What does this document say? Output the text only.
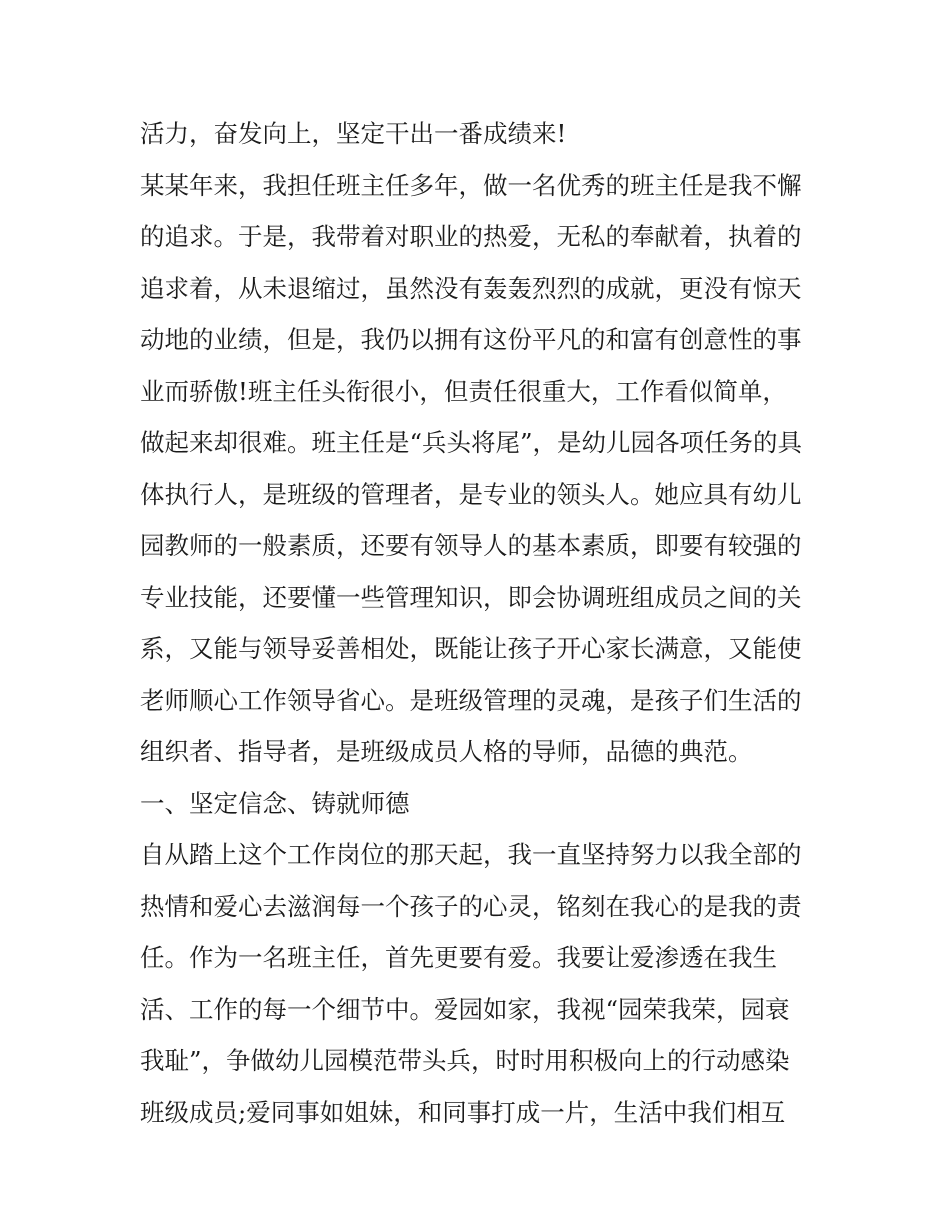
活力，奋发向上，坚定干出一番成绩来!
某某年来，我担任班主任多年，做一名优秀的班主任是我不懈
的追求。于是，我带着对职业的热爱，无私的奉献着，执着的
追求着，从未退缩过，虽然没有轰轰烈烈的成就，更没有惊天
动地的业绩，但是，我仍以拥有这份平凡的和富有创意性的事
业而骄傲!班主任头衔很小，但责任很重大，工作看似简单，
做起来却很难。班主任是“兵头将尾”，是幼儿园各项任务的具
体执行人，是班级的管理者，是专业的领头人。她应具有幼儿
园教师的一般素质，还要有领导人的基本素质，即要有较强的
专业技能，还要懂一些管理知识，即会协调班组成员之间的关
系，又能与领导妥善相处，既能让孩子开心家长满意，又能使
老师顺心工作领导省心。是班级管理的灵魂，是孩子们生活的
组织者、指导者，是班级成员人格的导师，品德的典范。
一、坚定信念、铸就师德
自从踏上这个工作岗位的那天起，我一直坚持努力以我全部的
热情和爱心去滋润每一个孩子的心灵，铭刻在我心的是我的责
任。作为一名班主任，首先更要有爱。我要让爱渗透在我生
活、工作的每一个细节中。爱园如家，我视“园荣我荣，园衰
我耻”，争做幼儿园模范带头兵，时时用积极向上的行动感染
班级成员;爱同事如姐妹，和同事打成一片，生活中我们相互
